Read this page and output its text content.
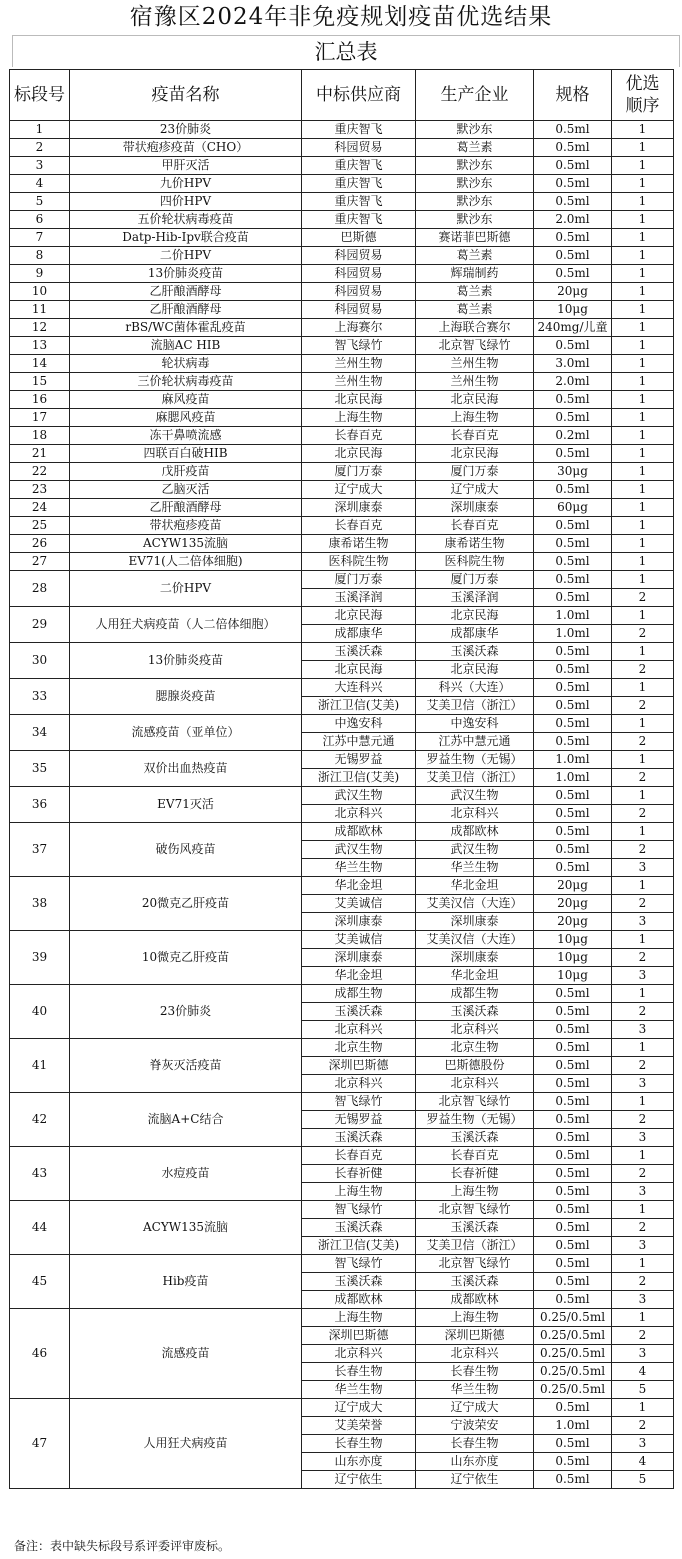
宿豫区2024年非免疫规划疫苗优选结果
汇总表
标段号	疫苗名称	中标供应商	生产企业	规格	优选顺序
1	23价肺炎	重庆智飞	默沙东	0.5ml	1
2	带状疱疹疫苗（CHO）	科园贸易	葛兰素	0.5ml	1
3	甲肝灭活	重庆智飞	默沙东	0.5ml	1
4	九价HPV	重庆智飞	默沙东	0.5ml	1
5	四价HPV	重庆智飞	默沙东	0.5ml	1
6	五价轮状病毒疫苗	重庆智飞	默沙东	2.0ml	1
7	Datp-Hib-Ipv联合疫苗	巴斯德	赛诺菲巴斯德	0.5ml	1
8	二价HPV	科园贸易	葛兰素	0.5ml	1
9	13价肺炎疫苗	科园贸易	辉瑞制药	0.5ml	1
10	乙肝酿酒酵母	科园贸易	葛兰素	20μg	1
11	乙肝酿酒酵母	科园贸易	葛兰素	10μg	1
12	rBS/WC菌体霍乱疫苗	上海赛尔	上海联合赛尔	240mg/儿童	1
13	流脑AC HIB	智飞绿竹	北京智飞绿竹	0.5ml	1
14	轮状病毒	兰州生物	兰州生物	3.0ml	1
15	三价轮状病毒疫苗	兰州生物	兰州生物	2.0ml	1
16	麻风疫苗	北京民海	北京民海	0.5ml	1
17	麻腮风疫苗	上海生物	上海生物	0.5ml	1
18	冻干鼻喷流感	长春百克	长春百克	0.2ml	1
21	四联百白破HIB	北京民海	北京民海	0.5ml	1
22	戊肝疫苗	厦门万泰	厦门万泰	30μg	1
23	乙脑灭活	辽宁成大	辽宁成大	0.5ml	1
24	乙肝酿酒酵母	深圳康泰	深圳康泰	60μg	1
25	带状疱疹疫苗	长春百克	长春百克	0.5ml	1
26	ACYW135流脑	康希诺生物	康希诺生物	0.5ml	1
27	EV71(人二倍体细胞)	医科院生物	医科院生物	0.5ml	1
28	二价HPV	厦门万泰	厦门万泰	0.5ml	1
		玉溪泽润	玉溪泽润	0.5ml	2
29	人用狂犬病疫苗（人二倍体细胞）	北京民海	北京民海	1.0ml	1
		成都康华	成都康华	1.0ml	2
30	13价肺炎疫苗	玉溪沃森	玉溪沃森	0.5ml	1
		北京民海	北京民海	0.5ml	2
33	腮腺炎疫苗	大连科兴	科兴（大连）	0.5ml	1
		浙江卫信(艾美)	艾美卫信（浙江）	0.5ml	2
34	流感疫苗（亚单位）	中逸安科	中逸安科	0.5ml	1
		江苏中慧元通	江苏中慧元通	0.5ml	2
35	双价出血热疫苗	无锡罗益	罗益生物（无锡）	1.0ml	1
		浙江卫信(艾美)	艾美卫信（浙江）	1.0ml	2
36	EV71灭活	武汉生物	武汉生物	0.5ml	1
		北京科兴	北京科兴	0.5ml	2
37	破伤风疫苗	成都欧林	成都欧林	0.5ml	1
		武汉生物	武汉生物	0.5ml	2
		华兰生物	华兰生物	0.5ml	3
38	20微克乙肝疫苗	华北金坦	华北金坦	20μg	1
		艾美诚信	艾美汉信（大连）	20μg	2
		深圳康泰	深圳康泰	20μg	3
39	10微克乙肝疫苗	艾美诚信	艾美汉信（大连）	10μg	1
		深圳康泰	深圳康泰	10μg	2
		华北金坦	华北金坦	10μg	3
40	23价肺炎	成都生物	成都生物	0.5ml	1
		玉溪沃森	玉溪沃森	0.5ml	2
		北京科兴	北京科兴	0.5ml	3
41	脊灰灭活疫苗	北京生物	北京生物	0.5ml	1
		深圳巴斯德	巴斯德股份	0.5ml	2
		北京科兴	北京科兴	0.5ml	3
42	流脑A+C结合	智飞绿竹	北京智飞绿竹	0.5ml	1
		无锡罗益	罗益生物（无锡）	0.5ml	2
		玉溪沃森	玉溪沃森	0.5ml	3
43	水痘疫苗	长春百克	长春百克	0.5ml	1
		长春祈健	长春祈健	0.5ml	2
		上海生物	上海生物	0.5ml	3
44	ACYW135流脑	智飞绿竹	北京智飞绿竹	0.5ml	1
		玉溪沃森	玉溪沃森	0.5ml	2
		浙江卫信(艾美)	艾美卫信（浙江）	0.5ml	3
45	Hib疫苗	智飞绿竹	北京智飞绿竹	0.5ml	1
		玉溪沃森	玉溪沃森	0.5ml	2
		成都欧林	成都欧林	0.5ml	3
46	流感疫苗	上海生物	上海生物	0.25/0.5ml	1
		深圳巴斯德	深圳巴斯德	0.25/0.5ml	2
		北京科兴	北京科兴	0.25/0.5ml	3
		长春生物	长春生物	0.25/0.5ml	4
		华兰生物	华兰生物	0.25/0.5ml	5
47	人用狂犬病疫苗	辽宁成大	辽宁成大	0.5ml	1
		艾美荣誉	宁波荣安	1.0ml	2
		长春生物	长春生物	0.5ml	3
		山东亦度	山东亦度	0.5ml	4
		辽宁依生	辽宁依生	0.5ml	5
备注：表中缺失标段号系评委评审废标。
